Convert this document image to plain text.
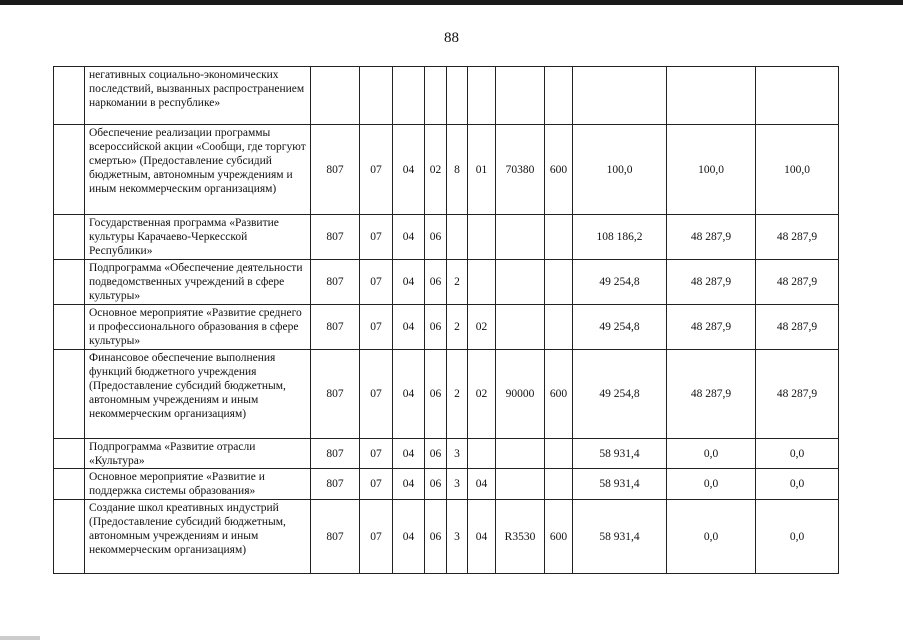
88
	негативных социально-экономических последствий, вызванных распространением наркомании в республике»											
	Обеспечение реализации программы всероссийской акции «Сообщи, где торгуют смертью» (Предоставление субсидий бюджетным, автономным учреждениям и иным некоммерческим организациям)	807	07	04	02	8	01	70380	600	100,0	100,0	100,0
	Государственная программа «Развитие культуры Карачаево-Черкесской Республики»	807	07	04	06					108 186,2	48 287,9	48 287,9
	Подпрограмма «Обеспечение деятельности подведомственных учреждений в сфере культуры»	807	07	04	06	2				49 254,8	48 287,9	48 287,9
	Основное мероприятие «Развитие среднего и профессионального образования в сфере культуры»	807	07	04	06	2	02			49 254,8	48 287,9	48 287,9
	Финансовое обеспечение выполнения функций бюджетного учреждения (Предоставление субсидий бюджетным, автономным учреждениям и иным некоммерческим организациям)	807	07	04	06	2	02	90000	600	49 254,8	48 287,9	48 287,9
	Подпрограмма «Развитие отрасли «Культура»	807	07	04	06	3				58 931,4	0,0	0,0
	Основное мероприятие «Развитие и поддержка системы образования»	807	07	04	06	3	04			58 931,4	0,0	0,0
	Создание школ креативных индустрий (Предоставление субсидий бюджетным, автономным учреждениям и иным некоммерческим организациям)	807	07	04	06	3	04	R3530	600	58 931,4	0,0	0,0
